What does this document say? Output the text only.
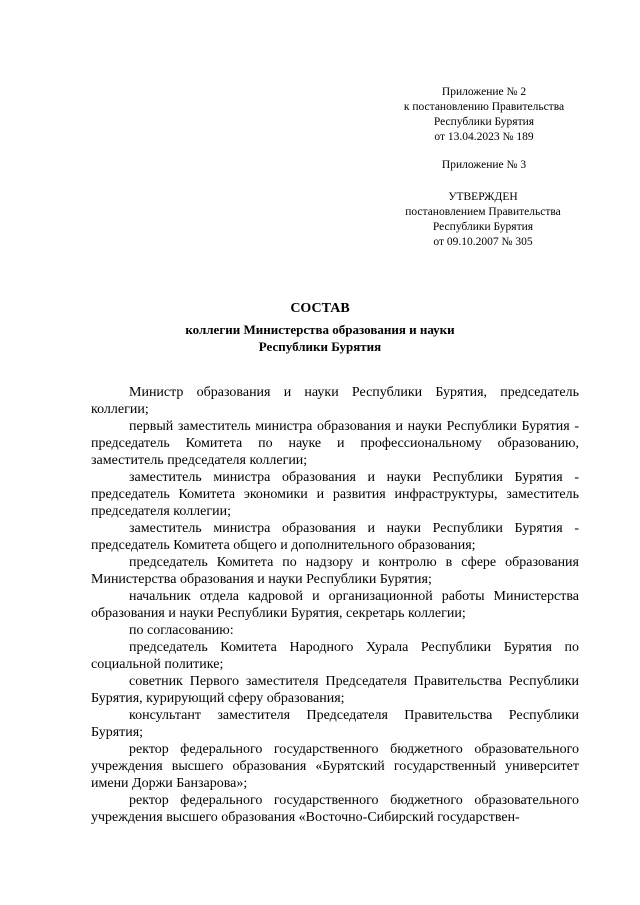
Приложение № 2
к постановлению Правительства
Республики Бурятия
от 13.04.2023 № 189
Приложение № 3
УТВЕРЖДЕН
постановлением Правительства
Республики Бурятия
от 09.10.2007 № 305
СОСТАВ
коллегии Министерства образования и науки
Республики Бурятия

Министр образования и науки Республики Бурятия, председатель коллегии;

первый заместитель министра образования и науки Республики Бурятия - председатель Комитета по науке и профессиональному образованию, заместитель председателя коллегии;

заместитель министра образования и науки Республики Бурятия - председатель Комитета экономики и развития инфраструктуры, заместитель председателя коллегии;

заместитель министра образования и науки Республики Бурятия - председатель Комитета общего и дополнительного образования;

председатель Комитета по надзору и контролю в сфере образования Министерства образования и науки Республики Бурятия;

начальник отдела кадровой и организационной работы Министерства образования и науки Республики Бурятия, секретарь коллегии;

по согласованию:

председатель Комитета Народного Хурала Республики Бурятия по социальной политике;

советник Первого заместителя Председателя Правительства Республики Бурятия, курирующий сферу образования;

консультант заместителя Председателя Правительства Республики Бурятия;

ректор федерального государственного бюджетного образовательного учреждения высшего образования «Бурятский государственный университет имени Доржи Банзарова»;

ректор федерального государственного бюджетного образовательного учреждения высшего образования «Восточно-Сибирский государствен-
